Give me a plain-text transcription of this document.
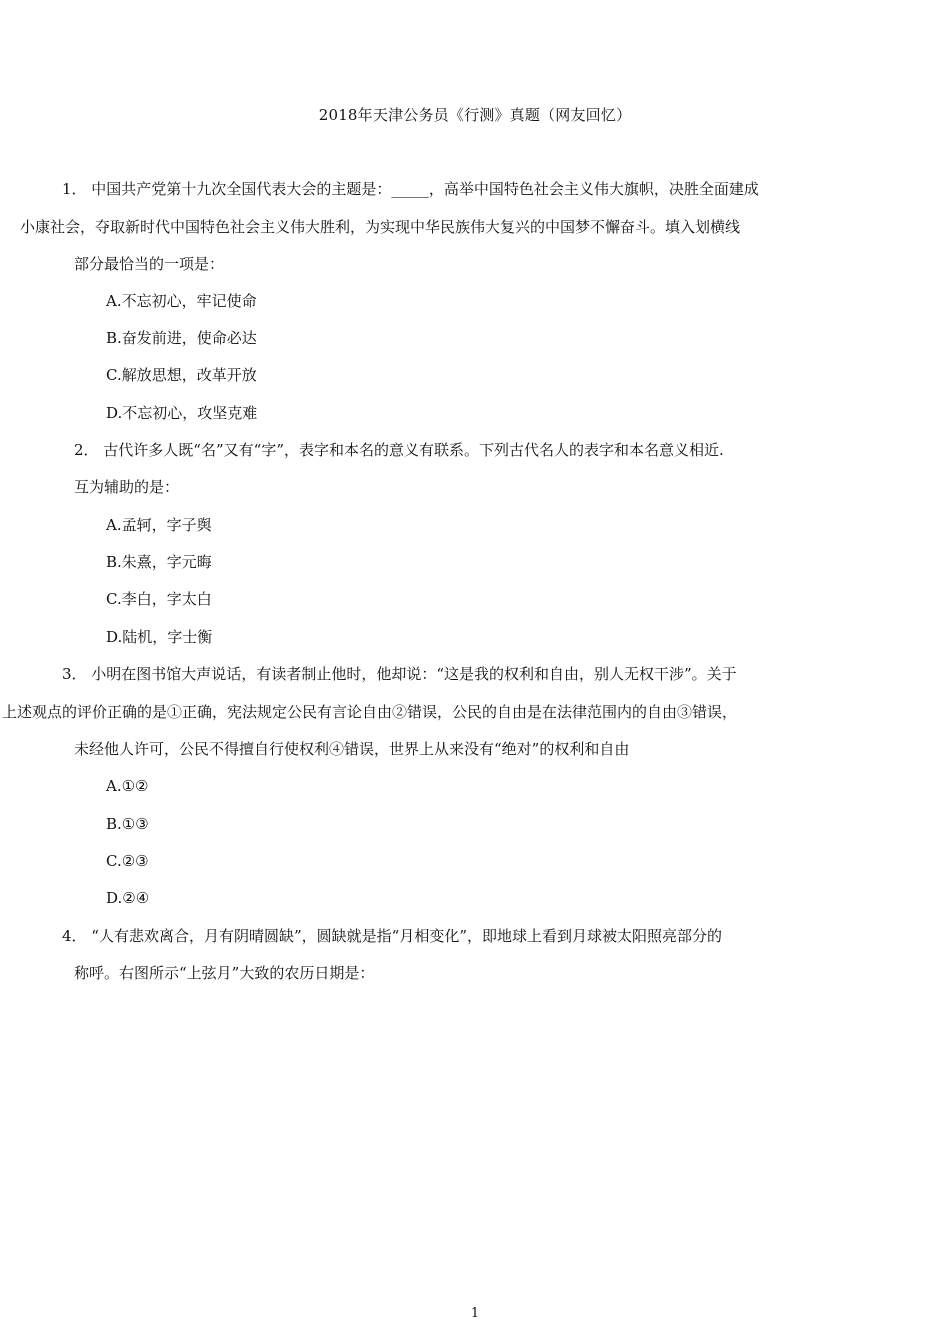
2018年天津公务员《行测》真题（网友回忆）
1． 中国共产党第十九次全国代表大会的主题是：_____，高举中国特色社会主义伟大旗帜，决胜全面建成
小康社会，夺取新时代中国特色社会主义伟大胜利，为实现中华民族伟大复兴的中国梦不懈奋斗。填入划横线
部分最恰当的一项是：
A.不忘初心，牢记使命
B.奋发前进，使命必达
C.解放思想，改革开放
D.不忘初心，攻坚克难
2． 古代许多人既“名”又有“字”，表字和本名的意义有联系。下列古代名人的表字和本名意义相近.
互为辅助的是：
A.孟轲，字子舆
B.朱熹，字元晦
C.李白，字太白
D.陆机，字士衡
3． 小明在图书馆大声说话，有读者制止他时，他却说：“这是我的权利和自由，别人无权干涉”。关于
上述观点的评价正确的是①正确，宪法规定公民有言论自由②错误，公民的自由是在法律范围内的自由③错误，
未经他人许可，公民不得擅自行使权利④错误，世界上从来没有“绝对”的权利和自由
A.①②
B.①③
C.②③
D.②④
4． “人有悲欢离合，月有阴晴圆缺”，圆缺就是指“月相变化”，即地球上看到月球被太阳照亮部分的
称呼。右图所示“上弦月”大致的农历日期是：
1
